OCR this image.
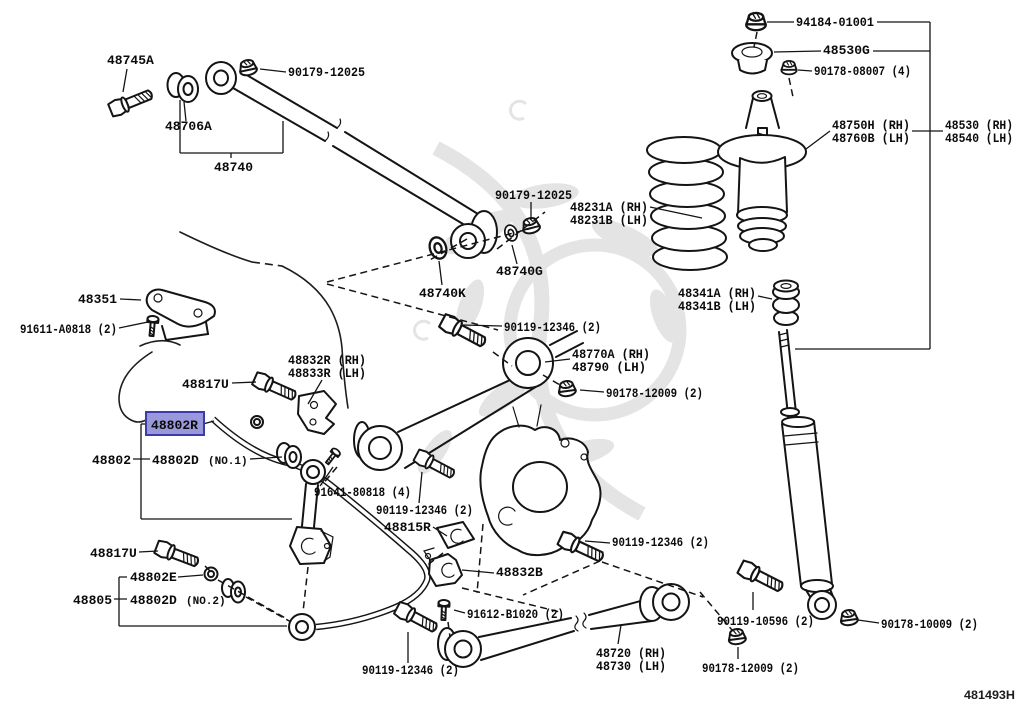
48745A
48706A
90179-12025
48740
90179-12025
48231A (RH)
48231B (LH)
48740G
48740K
94184-01001
48530G
90178-08007 (4)
48750H (RH)
48760B (LH)
48530 (RH)
48540 (LH)
48341A (RH)
48341B (LH)
48351
91611-A0818 (2)	90119-12346 (2)
48770A (RH)
48790 (LH)
48832R (RH)
48833R (LH)
48817U
90178-12009 (2)
48802R
48802 48802D (NO.1)
91641-80818 (4)
90119-12346 (2)
48815R
90119-12346 (2)
48817U
48802E
48805 48802D (NO.2)
48832B
91612-B1020 (2)	90119-10596 (2)	90178-10009 (2)
48720 (RH)
48730 (LH)	90178-12009 (2)
90119-12346 (2)
481493H
